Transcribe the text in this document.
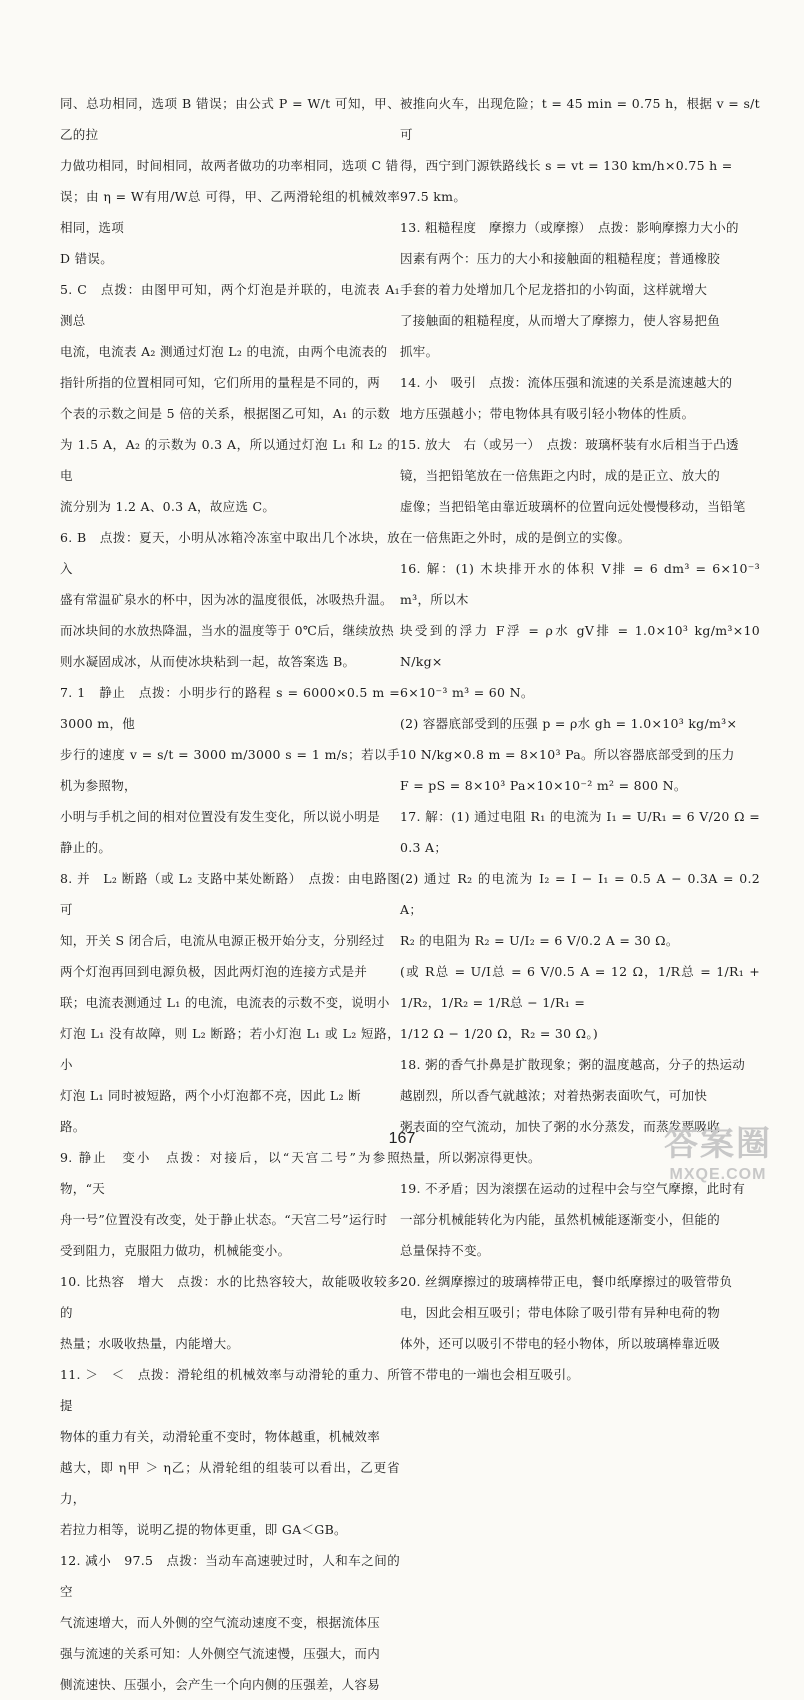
同、总功相同，选项 B 错误；由公式 P = W/t 可知，甲、乙的拉

力做功相同，时间相同，故两者做功的功率相同，选项 C 错

误；由 η = W有用/W总 可得，甲、乙两滑轮组的机械效率相同，选项

D 错误。

5. C　点拨：由图甲可知，两个灯泡是并联的，电流表 A₁ 测总

电流，电流表 A₂ 测通过灯泡 L₂ 的电流，由两个电流表的

指针所指的位置相同可知，它们所用的量程是不同的，两

个表的示数之间是 5 倍的关系，根据图乙可知，A₁ 的示数

为 1.5 A，A₂ 的示数为 0.3 A，所以通过灯泡 L₁ 和 L₂ 的电

流分别为 1.2 A、0.3 A，故应选 C。

6. B　点拨：夏天，小明从冰箱冷冻室中取出几个冰块，放入

盛有常温矿泉水的杯中，因为冰的温度很低，冰吸热升温。

而冰块间的水放热降温，当水的温度等于 0℃后，继续放热

则水凝固成冰，从而使冰块粘到一起，故答案选 B。

7. 1　静止　点拨：小明步行的路程 s = 6000×0.5 m = 3000 m，他

步行的速度 v = s/t = 3000 m/3000 s = 1 m/s；若以手机为参照物，

小明与手机之间的相对位置没有发生变化，所以说小明是

静止的。

8. 并　L₂ 断路（或 L₂ 支路中某处断路）　点拨：由电路图可

知，开关 S 闭合后，电流从电源正极开始分支，分别经过

两个灯泡再回到电源负极，因此两灯泡的连接方式是并

联；电流表测通过 L₁ 的电流，电流表的示数不变，说明小

灯泡 L₁ 没有故障，则 L₂ 断路；若小灯泡 L₁ 或 L₂ 短路，小

灯泡 L₁ 同时被短路，两个小灯泡都不亮，因此 L₂ 断

路。

9. 静止　变小　点拨：对接后，以“天宫二号”为参照物，“天

舟一号”位置没有改变，处于静止状态。“天宫二号”运行时

受到阻力，克服阻力做功，机械能变小。

10. 比热容　增大　点拨：水的比热容较大，故能吸收较多的

热量；水吸收热量，内能增大。

11. ＞　＜　点拨：滑轮组的机械效率与动滑轮的重力、所提

物体的重力有关，动滑轮重不变时，物体越重，机械效率

越大，即 η甲 ＞ η乙；从滑轮组的组装可以看出，乙更省力，

若拉力相等，说明乙提的物体更重，即 GA＜GB。

12. 减小　97.5　点拨：当动车高速驶过时，人和车之间的空

气流速增大，而人外侧的空气流动速度不变，根据流体压

强与流速的关系可知：人外侧空气流速慢，压强大，而内

侧流速快、压强小，会产生一个向内侧的压强差，人容易

被推向火车，出现危险；t = 45 min = 0.75 h，根据 v = s/t 可

得，西宁到门源铁路线长 s = vt = 130 km/h×0.75 h =

97.5 km。

13. 粗糙程度　摩擦力（或摩擦）　点拨：影响摩擦力大小的

因素有两个：压力的大小和接触面的粗糙程度；普通橡胶

手套的着力处增加几个尼龙搭扣的小钩面，这样就增大

了接触面的粗糙程度，从而增大了摩擦力，使人容易把鱼

抓牢。

14. 小　吸引　点拨：流体压强和流速的关系是流速越大的

地方压强越小；带电物体具有吸引轻小物体的性质。

15. 放大　右（或另一）　点拨：玻璃杯装有水后相当于凸透

镜，当把铅笔放在一倍焦距之内时，成的是正立、放大的

虚像；当把铅笔由靠近玻璃杯的位置向远处慢慢移动，当铅笔

在一倍焦距之外时，成的是倒立的实像。

16. 解：(1) 木块排开水的体积 V排 = 6 dm³ = 6×10⁻³ m³，所以木

块受到的浮力 F浮 = ρ水 gV排 = 1.0×10³ kg/m³×10 N/kg×

6×10⁻³ m³ = 60 N。

(2) 容器底部受到的压强 p = ρ水 gh = 1.0×10³ kg/m³×

10 N/kg×0.8 m = 8×10³ Pa。所以容器底部受到的压力

F = pS = 8×10³ Pa×10×10⁻² m² = 800 N。

17. 解：(1) 通过电阻 R₁ 的电流为 I₁ = U/R₁ = 6 V/20 Ω = 0.3 A；

(2) 通过 R₂ 的电流为 I₂ = I − I₁ = 0.5 A − 0.3A = 0.2 A；

R₂ 的电阻为 R₂ = U/I₂ = 6 V/0.2 A = 30 Ω。

(或 R总 = U/I总 = 6 V/0.5 A = 12 Ω，1/R总 = 1/R₁ + 1/R₂，1/R₂ = 1/R总 − 1/R₁ =

1/12 Ω − 1/20 Ω，R₂ = 30 Ω。)

18. 粥的香气扑鼻是扩散现象；粥的温度越高，分子的热运动

越剧烈，所以香气就越浓；对着热粥表面吹气，可加快

粥表面的空气流动，加快了粥的水分蒸发，而蒸发要吸收

热量，所以粥凉得更快。

19. 不矛盾；因为滚摆在运动的过程中会与空气摩擦，此时有

一部分机械能转化为内能，虽然机械能逐渐变小，但能的

总量保持不变。

20. 丝绸摩擦过的玻璃棒带正电，餐巾纸摩擦过的吸管带负

电，因此会相互吸引；带电体除了吸引带有异种电荷的物

体外，还可以吸引不带电的轻小物体，所以玻璃棒靠近吸

管不带电的一端也会相互吸引。

167	答案圈
MXQE.COM
